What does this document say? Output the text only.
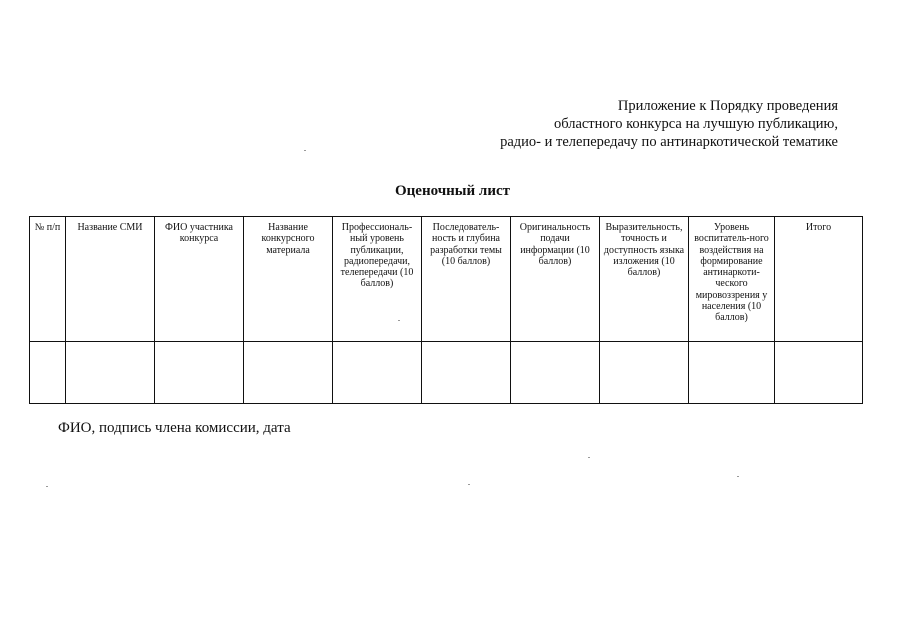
Приложение к Порядку проведения
областного конкурса на лучшую публикацию,
радио- и телепередачу по антинаркотической тематике
Оценочный лист
№ п/п	Название СМИ	ФИО участника конкурса	Название конкурсного материала	Профессиональ-ный уровень публикации, радиопередачи, телепередачи (10 баллов)	Последователь-ность и глубина разработки темы (10 баллов)	Оригинальность подачи информации (10 баллов)	Выразительность, точность и доступность языка изложения (10 баллов)	Уровень воспитатель-ного воздействия на формирование антинаркоти-ческого мировоззрения у населения (10 баллов)	Итого

ФИО, подпись члена комиссии, дата
